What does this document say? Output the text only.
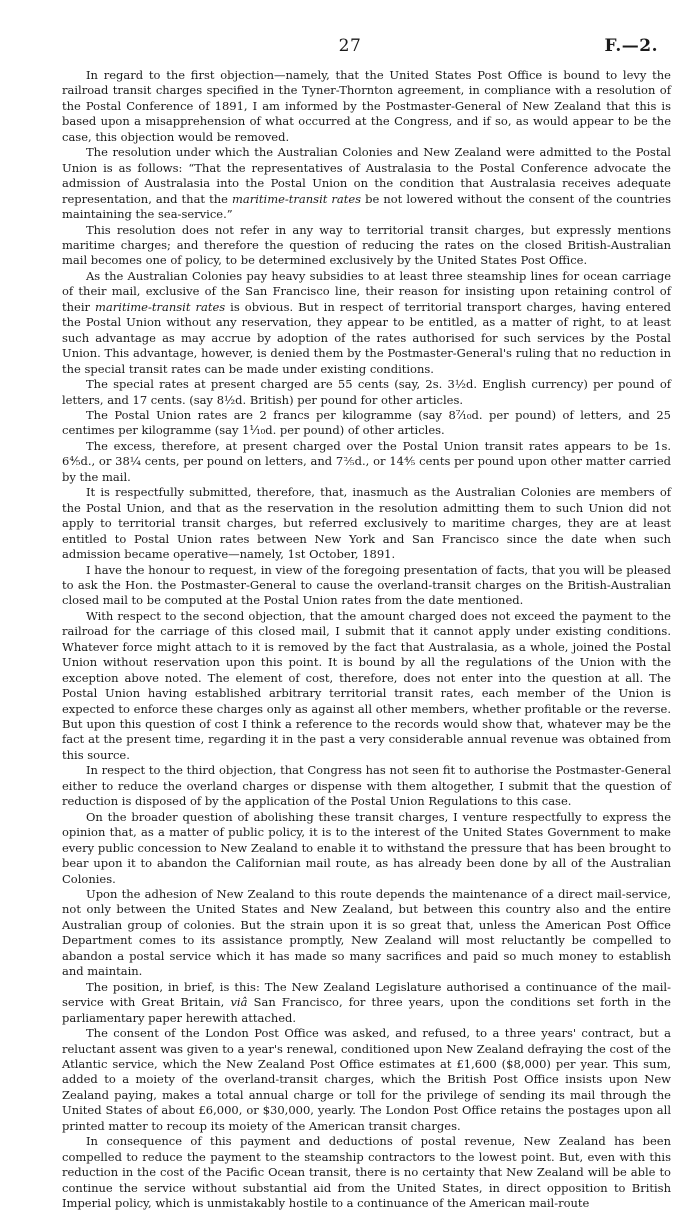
27	F.—2.

In regard to the first objection—namely, that the United States Post Office is bound to levy the railroad transit charges specified in the Tyner-Thornton agreement, in compliance with a resolution of the Postal Conference of 1891, I am informed by the Postmaster-General of New Zealand that this is based upon a misapprehension of what occurred at the Congress, and if so, as would appear to be the case, this objection would be removed.

The resolution under which the Australian Colonies and New Zealand were admitted to the Postal Union is as follows: “That the representatives of Australasia to the Postal Conference advocate the admission of Australasia into the Postal Union on the condition that Australasia receives adequate representation, and that the maritime-transit rates be not lowered without the consent of the countries maintaining the sea-service.”

This resolution does not refer in any way to territorial transit charges, but expressly mentions maritime charges; and therefore the question of reducing the rates on the closed British-Australian mail becomes one of policy, to be determined exclusively by the United States Post Office.

As the Australian Colonies pay heavy subsidies to at least three steamship lines for ocean carriage of their mail, exclusive of the San Francisco line, their reason for insisting upon retaining control of their maritime-transit rates is obvious. But in respect of territorial transport charges, having entered the Postal Union without any reservation, they appear to be entitled, as a matter of right, to at least such advantage as may accrue by adoption of the rates authorised for such services by the Postal Union. This advantage, however, is denied them by the Postmaster-General's ruling that no reduction in the special transit rates can be made under existing conditions.

The special rates at present charged are 55 cents (say, 2s. 3½d. English currency) per pound of letters, and 17 cents. (say 8½d. British) per pound for other articles.

The Postal Union rates are 2 francs per kilogramme (say 8⁷⁄₁₀d. per pound) of letters, and 25 centimes per kilogramme (say 1¹⁄₁₀d. per pound) of other articles.

The excess, therefore, at present charged over the Postal Union transit rates appears to be 1s. 6⁴⁄₅d., or 38¼ cents, per pound on letters, and 7⅖d., or 14⅘ cents per pound upon other matter carried by the mail.

It is respectfully submitted, therefore, that, inasmuch as the Australian Colonies are members of the Postal Union, and that as the reservation in the resolution admitting them to such Union did not apply to territorial transit charges, but referred exclusively to maritime charges, they are at least entitled to Postal Union rates between New York and San Francisco since the date when such admission became operative—namely, 1st October, 1891.

I have the honour to request, in view of the foregoing presentation of facts, that you will be pleased to ask the Hon. the Postmaster-General to cause the overland-transit charges on the British-Australian closed mail to be computed at the Postal Union rates from the date mentioned.

With respect to the second objection, that the amount charged does not exceed the payment to the railroad for the carriage of this closed mail, I submit that it cannot apply under existing conditions. Whatever force might attach to it is removed by the fact that Australasia, as a whole, joined the Postal Union without reservation upon this point. It is bound by all the regulations of the Union with the exception above noted. The element of cost, therefore, does not enter into the question at all. The Postal Union having established arbitrary territorial transit rates, each member of the Union is expected to enforce these charges only as against all other members, whether profitable or the reverse. But upon this question of cost I think a reference to the records would show that, whatever may be the fact at the present time, regarding it in the past a very considerable annual revenue was obtained from this source.

In respect to the third objection, that Congress has not seen fit to authorise the Postmaster-General either to reduce the overland charges or dispense with them altogether, I submit that the question of reduction is disposed of by the application of the Postal Union Regulations to this case.

On the broader question of abolishing these transit charges, I venture respectfully to express the opinion that, as a matter of public policy, it is to the interest of the United States Government to make every public concession to New Zealand to enable it to withstand the pressure that has been brought to bear upon it to abandon the Californian mail route, as has already been done by all of the Australian Colonies.

Upon the adhesion of New Zealand to this route depends the maintenance of a direct mail-service, not only between the United States and New Zealand, but between this country also and the entire Australian group of colonies. But the strain upon it is so great that, unless the American Post Office Department comes to its assistance promptly, New Zealand will most reluctantly be compelled to abandon a postal service which it has made so many sacrifices and paid so much money to establish and maintain.

The position, in brief, is this: The New Zealand Legislature authorised a continuance of the mail-service with Great Britain, viâ San Francisco, for three years, upon the conditions set forth in the parliamentary paper herewith attached.

The consent of the London Post Office was asked, and refused, to a three years' contract, but a reluctant assent was given to a year's renewal, conditioned upon New Zealand defraying the cost of the Atlantic service, which the New Zealand Post Office estimates at £1,600 ($8,000) per year. This sum, added to a moiety of the overland-transit charges, which the British Post Office insists upon New Zealand paying, makes a total annual charge or toll for the privilege of sending its mail through the United States of about £6,000, or $30,000, yearly. The London Post Office retains the postages upon all printed matter to recoup its moiety of the American transit charges.

In consequence of this payment and deductions of postal revenue, New Zealand has been compelled to reduce the payment to the steamship contractors to the lowest point. But, even with this reduction in the cost of the Pacific Ocean transit, there is no certainty that New Zealand will be able to continue the service without substantial aid from the United States, in direct opposition to British Imperial policy, which is unmistakably hostile to a continuance of the American mail-route
